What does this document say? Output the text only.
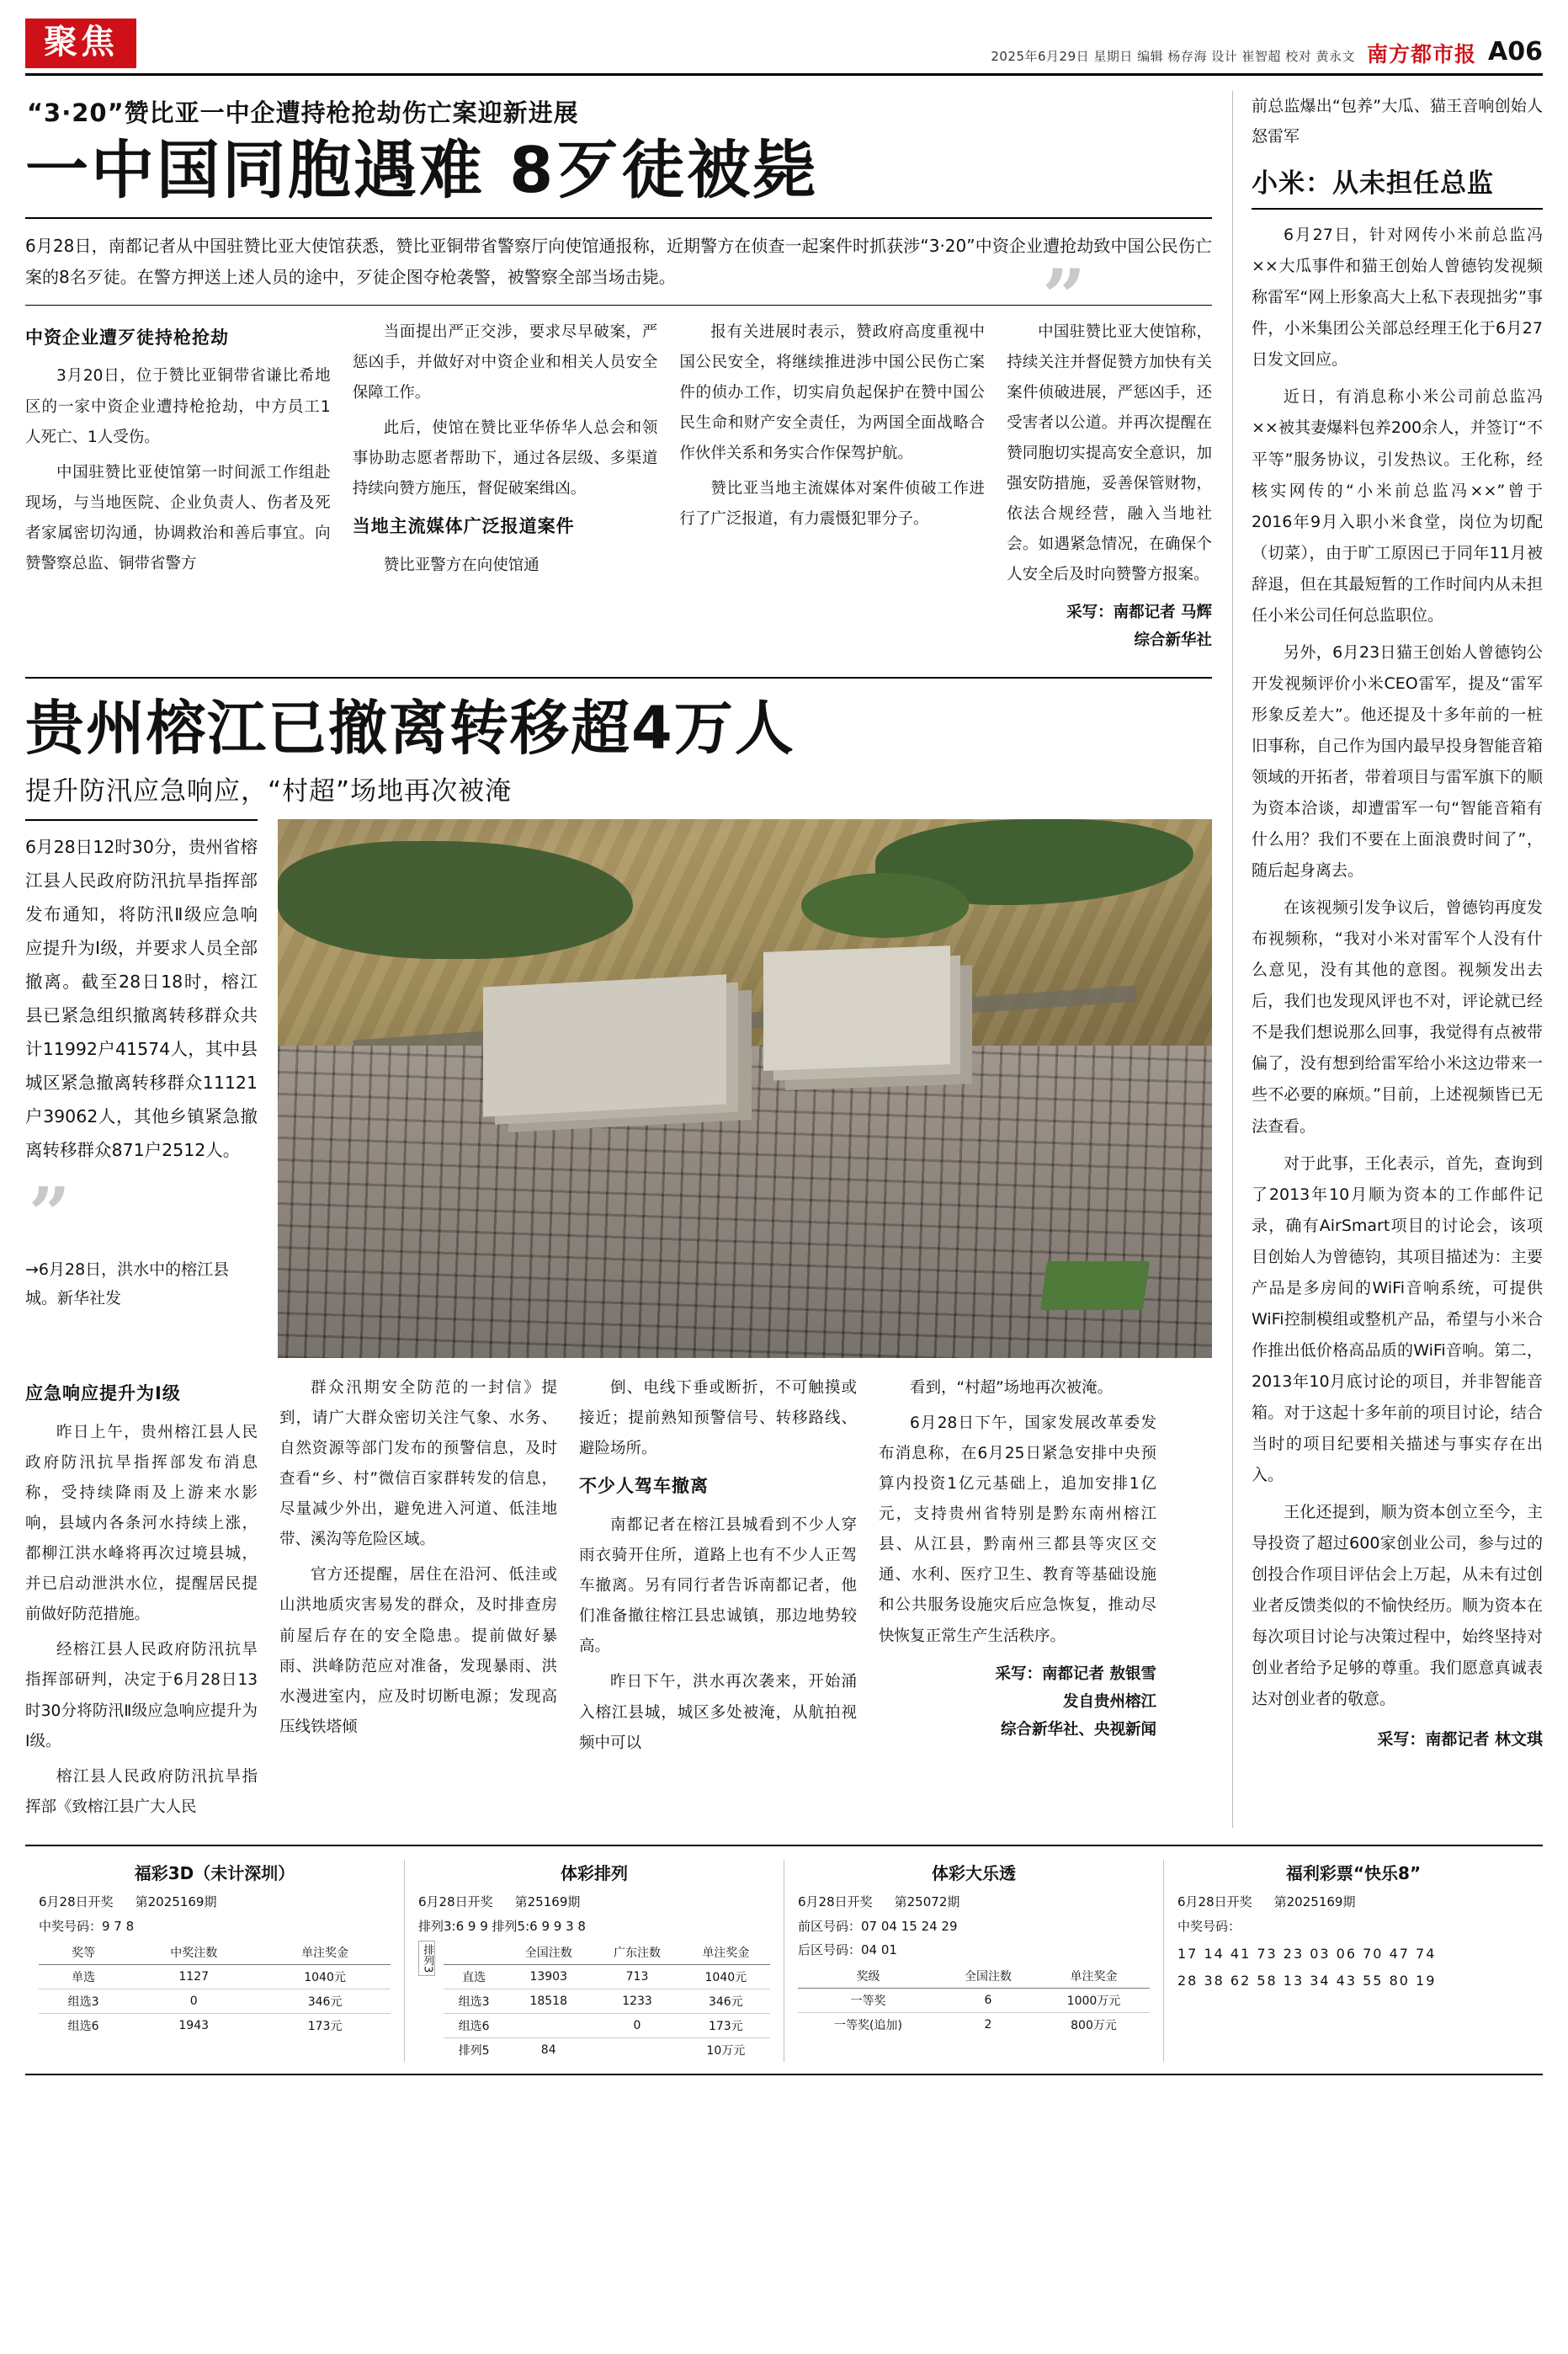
聚焦	2025年6月29日 星期日 编辑 杨存海 设计 崔智超 校对 黄永文 南方都市报 A06
“3·20”赞比亚一中企遭持枪抢劫伤亡案迎新进展
一中国同胞遇难 8歹徒被毙
6月28日，南都记者从中国驻赞比亚大使馆获悉，赞比亚铜带省警察厅向使馆通报称，近期警方在侦查一起案件时抓获涉“3·20”中资企业遭抢劫致中国公民伤亡案的8名歹徒。在警方押送上述人员的途中，歹徒企图夺枪袭警，被警察全部当场击毙。	”
中资企业遭歹徒持枪抢劫

3月20日，位于赞比亚铜带省谦比希地区的一家中资企业遭持枪抢劫，中方员工1人死亡、1人受伤。

中国驻赞比亚使馆第一时间派工作组赴现场，与当地医院、企业负责人、伤者及死者家属密切沟通，协调救治和善后事宜。向赞警察总监、铜带省警方

当面提出严正交涉，要求尽早破案，严惩凶手，并做好对中资企业和相关人员安全保障工作。

此后，使馆在赞比亚华侨华人总会和领事协助志愿者帮助下，通过各层级、多渠道持续向赞方施压，督促破案缉凶。

当地主流媒体广泛报道案件

赞比亚警方在向使馆通

报有关进展时表示，赞政府高度重视中国公民安全，将继续推进涉中国公民伤亡案件的侦办工作，切实肩负起保护在赞中国公民生命和财产安全责任，为两国全面战略合作伙伴关系和务实合作保驾护航。

赞比亚当地主流媒体对案件侦破工作进行了广泛报道，有力震慑犯罪分子。

中国驻赞比亚大使馆称，持续关注并督促赞方加快有关案件侦破进展，严惩凶手，还受害者以公道。并再次提醒在赞同胞切实提高安全意识，加强安防措施，妥善保管财物，依法合规经营，融入当地社会。如遇紧急情况，在确保个人安全后及时向赞警方报案。

采写：南都记者 马辉
综合新华社
贵州榕江已撤离转移超4万人
提升防汛应急响应，“村超”场地再次被淹

6月28日12时30分，贵州省榕江县人民政府防汛抗旱指挥部发布通知，将防汛Ⅱ级应急响应提升为Ⅰ级，并要求人员全部撤离。截至28日18时，榕江县已紧急组织撤离转移群众共计11992户41574人，其中县城区紧急撤离转移群众11121户39062人，其他乡镇紧急撤离转移群众871户2512人。

”
→6月28日，洪水中的榕江县城。新华社发
应急响应提升为Ⅰ级

昨日上午，贵州榕江县人民政府防汛抗旱指挥部发布消息称，受持续降雨及上游来水影响，县域内各条河水持续上涨，都柳江洪水峰将再次过境县城，并已启动泄洪水位，提醒居民提前做好防范措施。

经榕江县人民政府防汛抗旱指挥部研判，决定于6月28日13时30分将防汛Ⅱ级应急响应提升为Ⅰ级。

榕江县人民政府防汛抗旱指挥部《致榕江县广大人民

群众汛期安全防范的一封信》提到，请广大群众密切关注气象、水务、自然资源等部门发布的预警信息，及时查看“乡、村”微信百家群转发的信息，尽量减少外出，避免进入河道、低洼地带、溪沟等危险区域。

官方还提醒，居住在沿河、低洼或山洪地质灾害易发的群众，及时排查房前屋后存在的安全隐患。提前做好暴雨、洪峰防范应对准备，发现暴雨、洪水漫进室内，应及时切断电源；发现高压线铁塔倾

倒、电线下垂或断折，不可触摸或接近；提前熟知预警信号、转移路线、避险场所。

不少人驾车撤离

南都记者在榕江县城看到不少人穿雨衣骑开住所，道路上也有不少人正驾车撤离。另有同行者告诉南都记者，他们准备撤往榕江县忠诚镇，那边地势较高。

昨日下午，洪水再次袭来，开始涌入榕江县城，城区多处被淹，从航拍视频中可以

看到，“村超”场地再次被淹。

6月28日下午，国家发展改革委发布消息称，在6月25日紧急安排中央预算内投资1亿元基础上，追加安排1亿元，支持贵州省特别是黔东南州榕江县、从江县，黔南州三都县等灾区交通、水利、医疗卫生、教育等基础设施和公共服务设施灾后应急恢复，推动尽快恢复正常生产生活秩序。

采写：南都记者 敖银雪
发自贵州榕江
综合新华社、央视新闻
前总监爆出“包养”大瓜、猫王音响创始人怒雷军
小米：从未担任总监

6月27日，针对网传小米前总监冯××大瓜事件和猫王创始人曾德钧发视频称雷军“网上形象高大上私下表现拙劣”事件，小米集团公关部总经理王化于6月27日发文回应。

近日，有消息称小米公司前总监冯××被其妻爆料包养200余人，并签订“不平等”服务协议，引发热议。王化称，经核实网传的“小米前总监冯××”曾于2016年9月入职小米食堂，岗位为切配（切菜），由于旷工原因已于同年11月被辞退，但在其最短暂的工作时间内从未担任小米公司任何总监职位。

另外，6月23日猫王创始人曾德钧公开发视频评价小米CEO雷军，提及“雷军形象反差大”。他还提及十多年前的一桩旧事称，自己作为国内最早投身智能音箱领域的开拓者，带着项目与雷军旗下的顺为资本洽谈，却遭雷军一句“智能音箱有什么用？我们不要在上面浪费时间了”，随后起身离去。

在该视频引发争议后，曾德钧再度发布视频称，“我对小米对雷军个人没有什么意见，没有其他的意图。视频发出去后，我们也发现风评也不对，评论就已经不是我们想说那么回事，我觉得有点被带偏了，没有想到给雷军给小米这边带来一些不必要的麻烦。”目前，上述视频皆已无法查看。

对于此事，王化表示，首先，查询到了2013年10月顺为资本的工作邮件记录，确有AirSmart项目的讨论会，该项目创始人为曾德钧，其项目描述为：主要产品是多房间的WiFi音响系统，可提供WiFi控制模组或整机产品，希望与小米合作推出低价格高品质的WiFi音响。第二，2013年10月底讨论的项目，并非智能音箱。对于这起十多年前的项目讨论，结合当时的项目纪要相关描述与事实存在出入。

王化还提到，顺为资本创立至今，主导投资了超过600家创业公司，参与过的创投合作项目评估会上万起，从未有过创业者反馈类似的不愉快经历。顺为资本在每次项目讨论与决策过程中，始终坚持对创业者给予足够的尊重。我们愿意真诚表达对创业者的敬意。

采写：南都记者 林文琪
福彩3D（未计深圳）
6月28日开奖 第2025169期
中奖号码：9 7 8
奖等	中奖注数	单注奖金
单选	1127	1040元
组选3	0	346元
组选6	1943	173元
体彩排列
6月28日开奖 第25169期
排列3:6 9 9 排列5:6 9 9 3 8
排列3
		全国注数	广东注数	单注奖金
直选	13903	713	1040元
组选3	18518	1233	346元
组选6		0	173元
排列5	84		10万元
体彩大乐透
6月28日开奖 第25072期
前区号码：07 04 15 24 29
后区号码：04 01
奖级	全国注数	单注奖金
一等奖	6	1000万元
一等奖(追加)	2	800万元
福利彩票“快乐8”
6月28日开奖 第2025169期
中奖号码：
17 14 41 73 23 03 06 70 47 74
28 38 62 58 13 34 43 55 80 19
